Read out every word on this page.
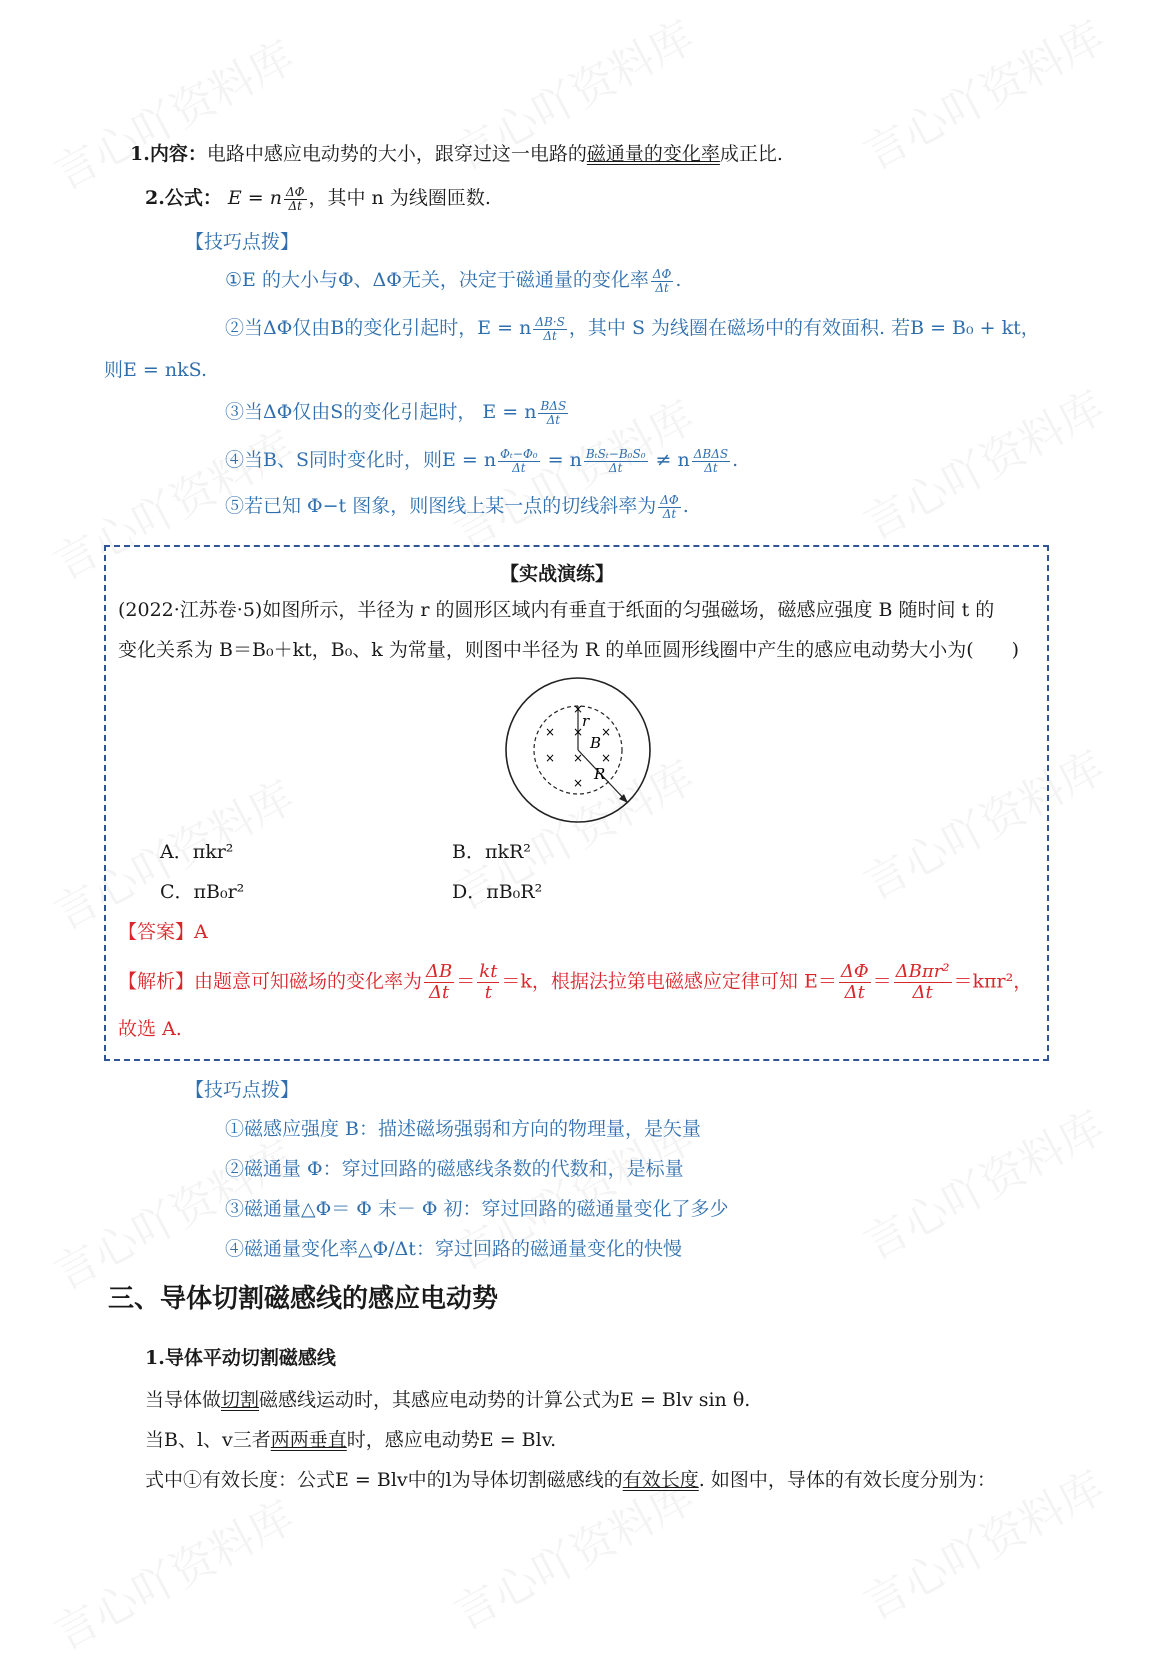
1.内容：电路中感应电动势的大小，跟穿过这一电路的磁通量的变化率成正比.
2.公式： E = n $\frac{\Delta\Phi}{\Delta t}$ ，其中 n 为线圈匝数.
【技巧点拨】
①E 的大小与Φ、ΔΦ无关，决定于磁通量的变化率 $\frac{\Delta\Phi}{\Delta t}$ .
②当ΔΦ仅由B的变化引起时，E = n $\frac{\Delta B\cdot S}{\Delta t}$ ，其中 S 为线圈在磁场中的有效面积. 若B = B₀ + kt，
则E = nkS.
③当ΔΦ仅由S的变化引起时， E = n $\frac{\text{BΔS}}{\Delta t}$
④当B、S同时变化时，则E = n $\frac{\text{Φₜ−Φ₀}}{\Delta t} = n \frac{\text{BₜSₜ−B₀S₀}}{\Delta t} \ne n \frac{\text{ΔBΔS}}{\Delta t}$ .
⑤若已知 Φ−t 图象，则图线上某一点的切线斜率为 $\frac{\Delta\Phi}{\Delta t}$ .
【实战演练】
(2022·江苏卷·5)如图所示，半径为 r 的圆形区域内有垂直于纸面的匀强磁场，磁感应强度 B 随时间 t 的
变化关系为 B＝B₀＋kt，B₀、k 为常量，则图中半径为 R 的单匝圆形线圈中产生的感应电动势大小为(　　)
r
B
R
×
× × ×
× × ×
×
A．πkr²	B．πkR²
C．πB₀r²	D．πB₀R²
【答案】A
【解析】由题意可知磁场的变化率为 $\frac{\Delta B}{\Delta t} = \frac{kt}{t} =k$，根据法拉第电磁感应定律可知 $E= \frac{\Delta\Phi}{\Delta t} = \frac{\text{ΔBπr²}}{\Delta t} =k\pi r^2$，
故选 A.
【技巧点拨】
①磁感应强度 B：描述磁场强弱和方向的物理量，是矢量
②磁通量 Φ：穿过回路的磁感线条数的代数和，是标量
③磁通量△Φ＝ Φ 末－ Φ 初：穿过回路的磁通量变化了多少
④磁通量变化率△Φ/Δt：穿过回路的磁通量变化的快慢
三、导体切割磁感线的感应电动势
1.导体平动切割磁感线
当导体做切割磁感线运动时，其感应电动势的计算公式为E = Blv sin θ.
当B、l、v三者两两垂直时，感应电动势E = Blv.
式中①有效长度：公式E = Blv中的l为导体切割磁感线的有效长度. 如图中，导体的有效长度分别为：
